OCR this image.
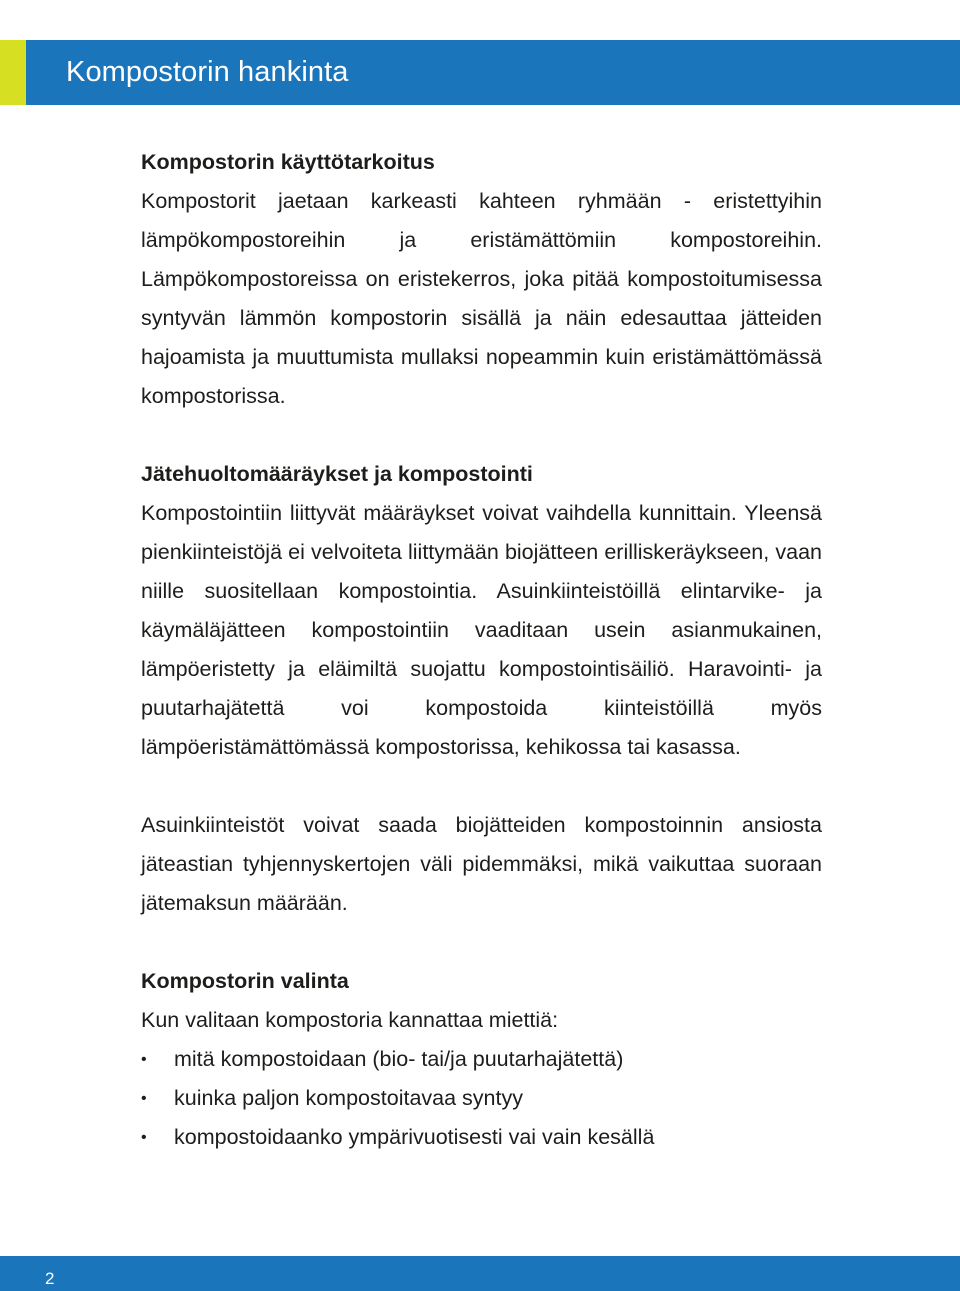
Kompostorin hankinta
Kompostorin käyttötarkoitus

Kompostorit jaetaan karkeasti kahteen ryhmään - eristettyihin lämpökompostoreihin ja eristämättömiin kompostoreihin. Lämpökompostoreissa on eristekerros, joka pitää kompostoitumisessa syntyvän lämmön kompostorin sisällä ja näin edesauttaa jätteiden hajoamista ja muuttumista mullaksi nopeammin kuin eristämättömässä kompostorissa.

Jätehuoltomääräykset ja kompostointi

Kompostointiin liittyvät määräykset voivat vaihdella kunnittain. Yleensä pienkiinteistöjä ei velvoiteta liittymään biojätteen erilliskeräykseen, vaan niille suositellaan kompostointia. Asuinkiinteistöillä elintarvike- ja käymäläjätteen kompostointiin vaaditaan usein asianmukainen, lämpöeristetty ja eläimiltä suojattu kompostointisäiliö. Haravointi- ja puutarhajätettä voi kompostoida kiinteistöillä myös lämpöeristämättömässä kompostorissa, kehikossa tai kasassa.

Asuinkiinteistöt voivat saada biojätteiden kompostoinnin ansiosta jäteastian tyhjennyskertojen väli pidemmäksi, mikä vaikuttaa suoraan jätemaksun määrään.

Kompostorin valinta

Kun valitaan kompostoria kannattaa miettiä:

•	mitä kompostoidaan (bio- tai/ja puutarhajätettä)
•	kuinka paljon kompostoitavaa syntyy
•	kompostoidaanko ympärivuotisesti vai vain kesällä
2
